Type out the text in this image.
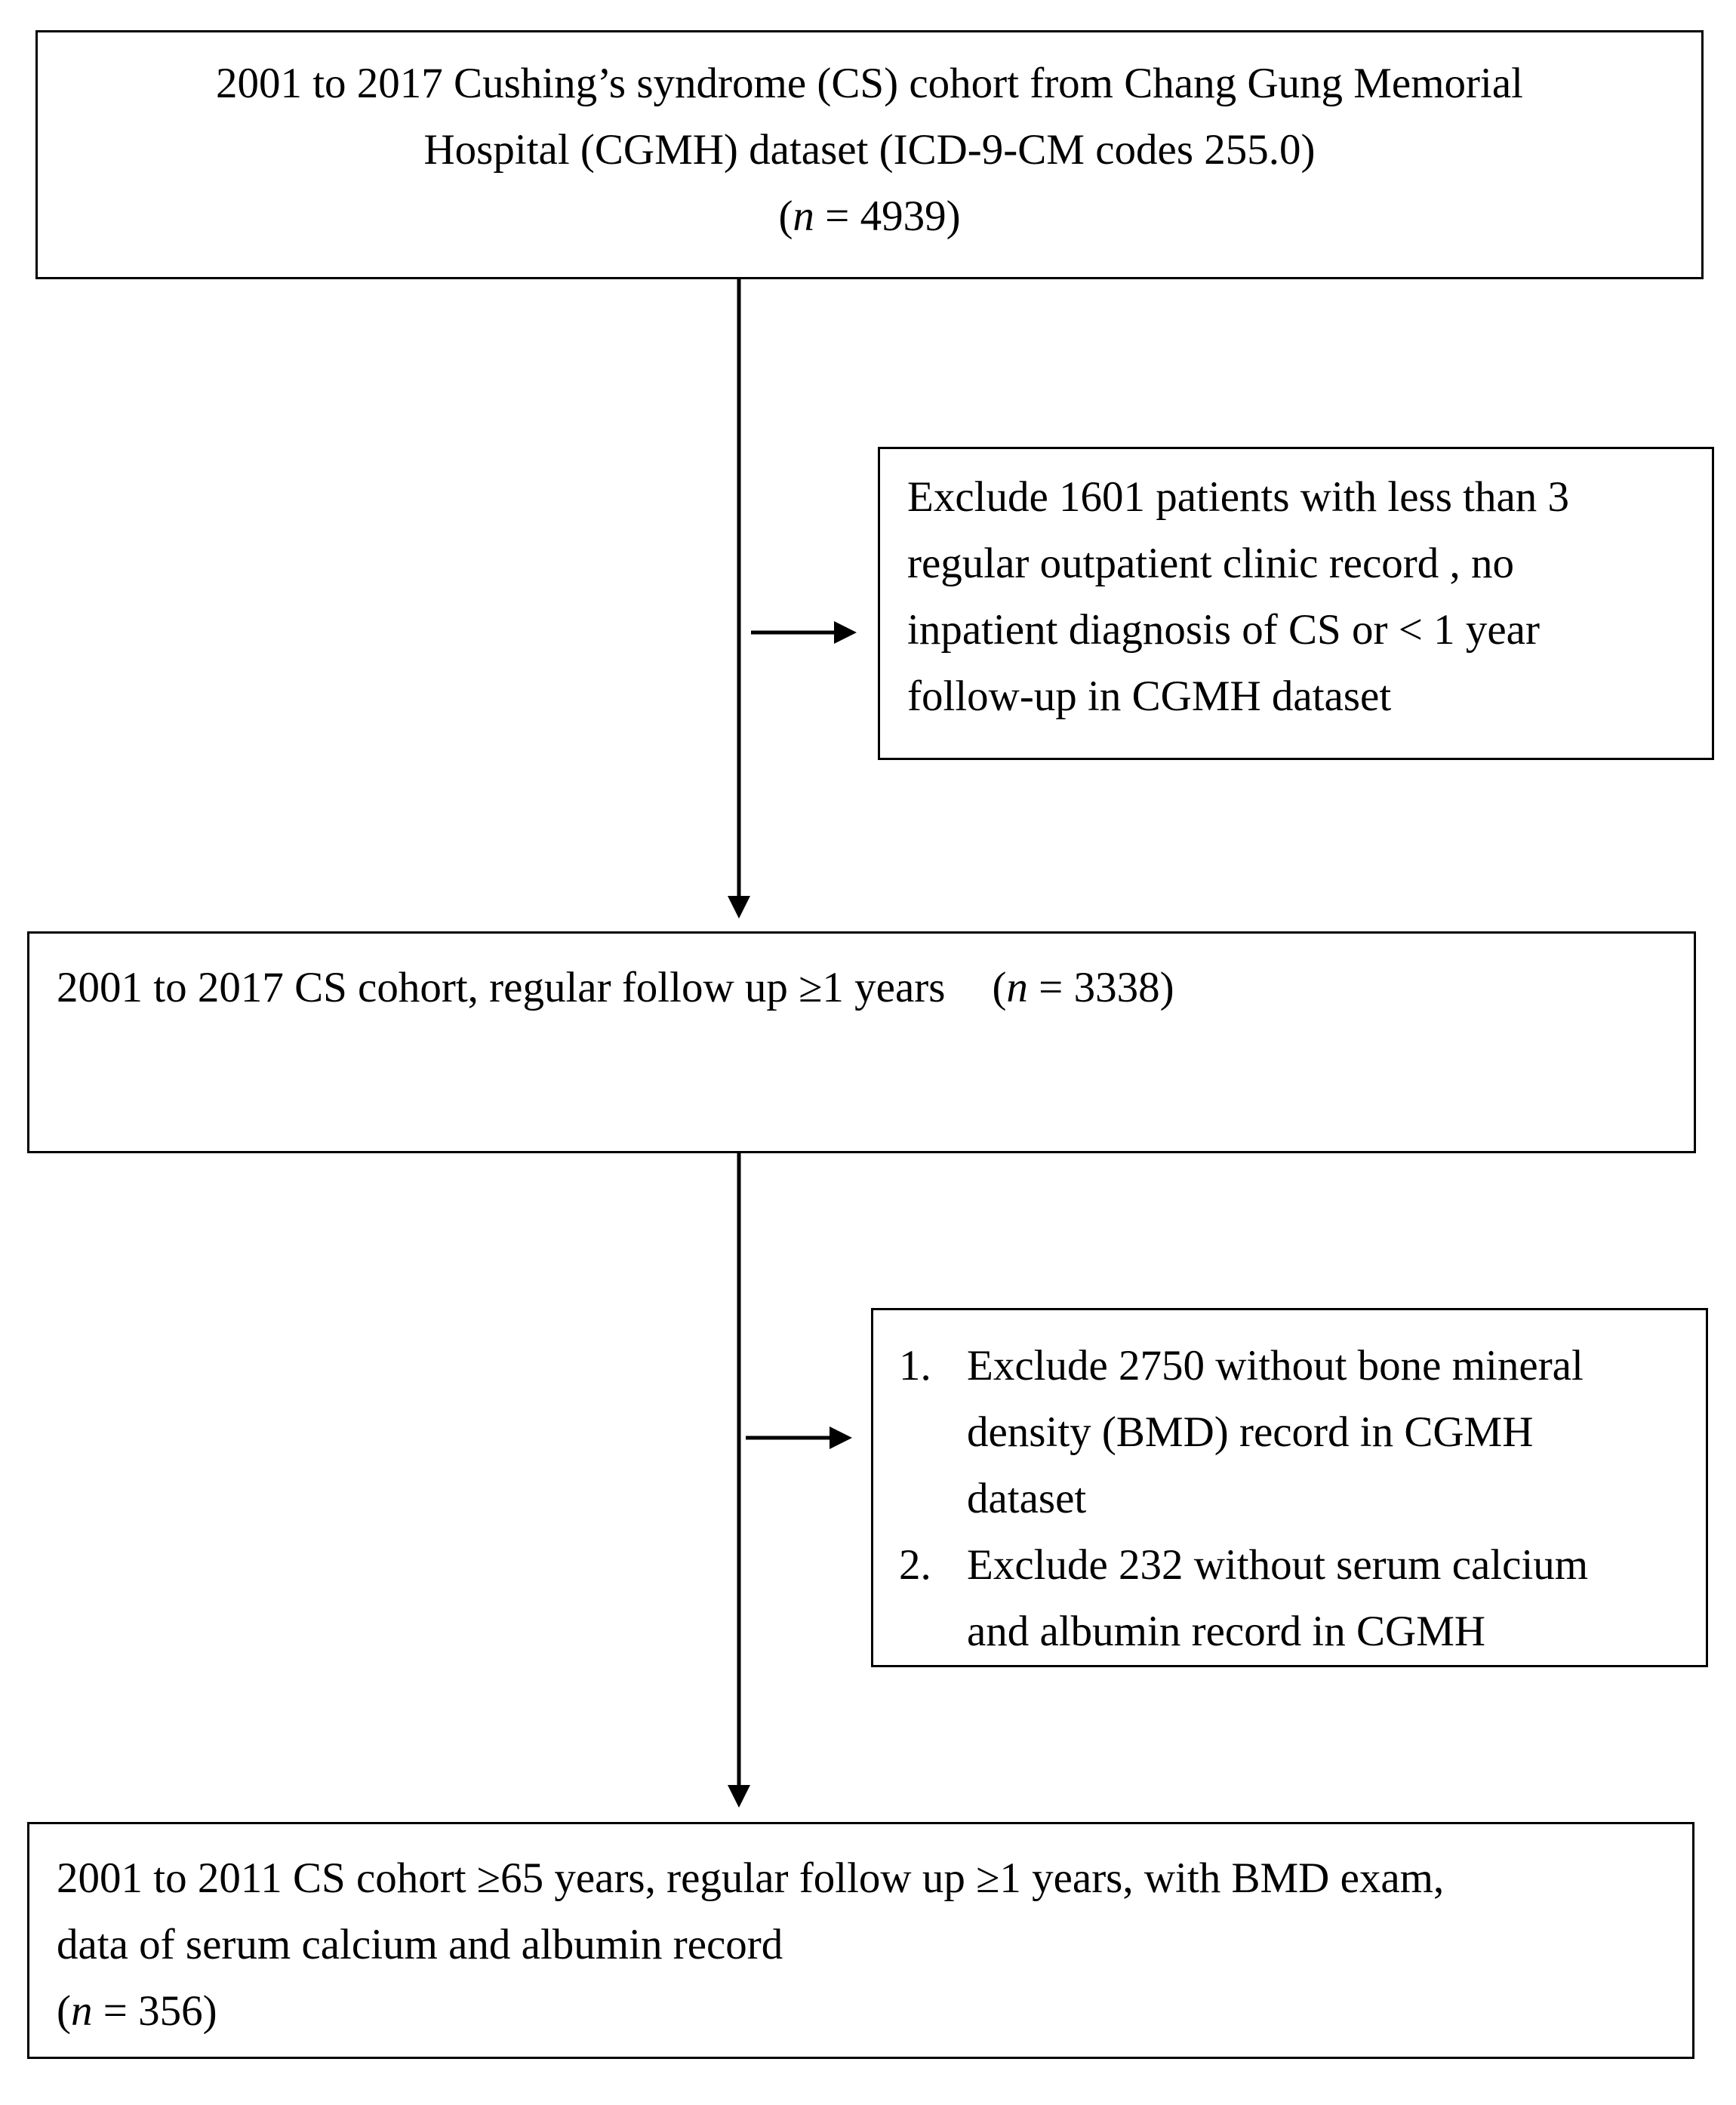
2001 to 2017 Cushing’s syndrome (CS) cohort from Chang Gung Memorial
Hospital (CGMH) dataset (ICD-9-CM codes 255.0)
(n = 4939)
Exclude 1601 patients with less than 3
regular outpatient clinic record , no
inpatient diagnosis of CS or < 1 year
follow-up in CGMH dataset
2001 to 2017 CS cohort, regular follow up ≥1 years (n = 3338)
1. Exclude 2750 without bone mineral
density (BMD) record in CGMH
dataset
2. Exclude 232 without serum calcium
and albumin record in CGMH
2001 to 2011 CS cohort ≥65 years, regular follow up ≥1 years, with BMD exam,
data of serum calcium and albumin record
(n = 356)
